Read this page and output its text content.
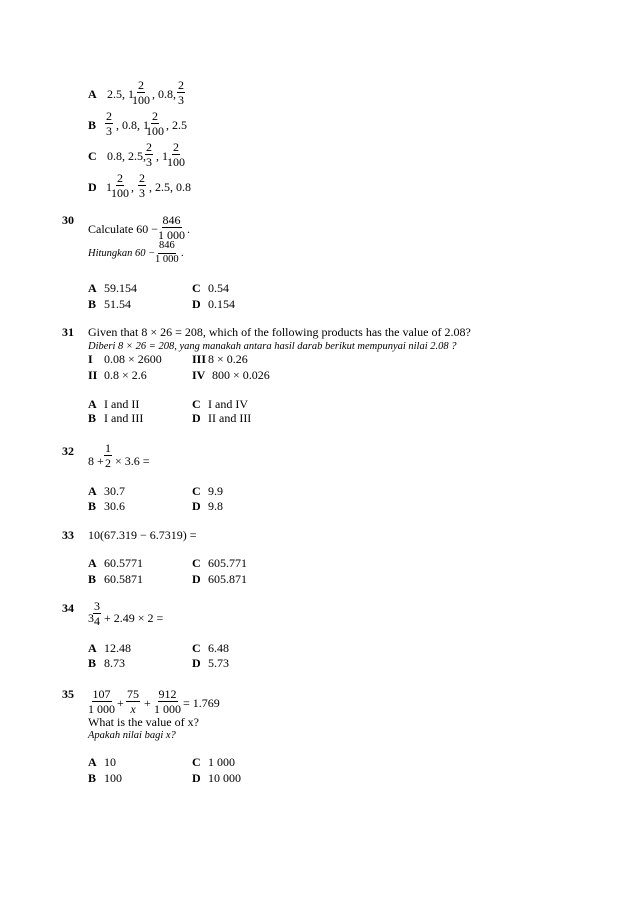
A 2.5, 1
$\frac{2}{100}$ , 0.8, $\frac{2}{3}$
B $\frac{2}{3}$ , 0.8, 1
$\frac{2}{100}$ , 2.5
C 0.8, 2.5, $\frac{2}{3}$ , $1 \frac{2}{100}$
D $1 \frac{2}{100}$ , $\frac{2}{3}$ , 2.5, 0.8
30
Calculate $60 - \frac{846}{1 000}$ .
Hitungkan $60 - \frac{846}{1 000}$ .
A 59.154
B 51.54
C 0.54
D 0.154
31 Given that 8 × 26 = 208, which of the following products has the value of 2.08?
Diberi 8 × 26 = 208, yang manakah antara hasil darab berikut mempunyai nilai 2.08 ?
I 0.08 × 2600
II 0.8 × 2.6
III 8 × 0.26
IV 800 × 0.026
A I and II
B I and III
C I and IV
D II and III
32
$8 + \frac{1}{2} \times 3.6$ =
A 30.7
B 30.6
C 9.9
D 9.8
33 10(67.319 − 6.7319) =
A 60.5771
B 60.5871
C 605.771
D 605.871
34
$3 \frac{3}{4} + 2.49 \times 2$ =
A 12.48
B 8.73
C 6.48
D 5.73
$35 \frac{107}{1 000} + \frac{75}{x} + \frac{912}{1 000} = 1.769$
What is the value of x?
Apakah nilai bagi x?
A 10
B 100
C 1 000
D 10 000
